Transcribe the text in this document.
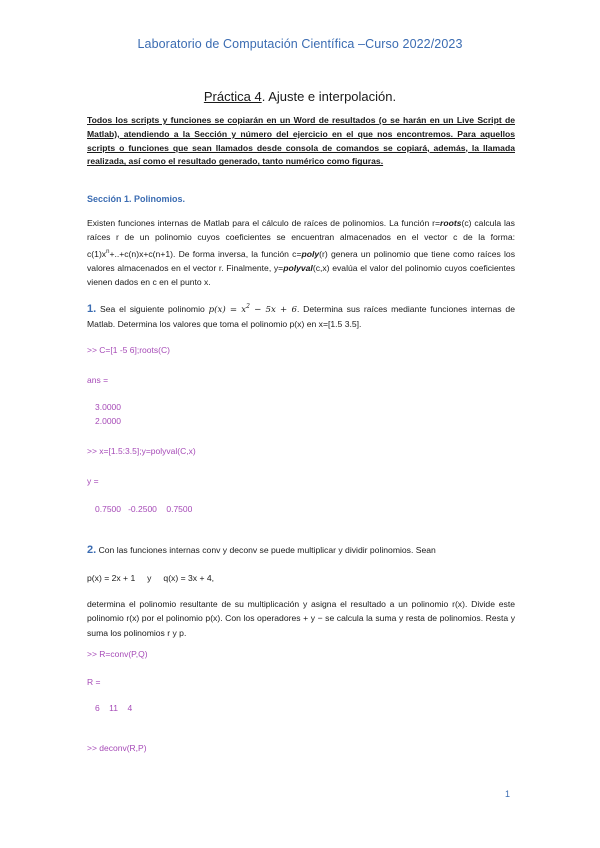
Laboratorio de Computación Científica –Curso 2022/2023
Práctica 4. Ajuste e interpolación.
Todos los scripts y funciones se copiarán en un Word de resultados (o se harán en un Live Script de Matlab), atendiendo a la Sección y número del ejercicio en el que nos encontremos. Para aquellos scripts o funciones que sean llamados desde consola de comandos se copiará, además, la llamada realizada, así como el resultado generado, tanto numérico como figuras.
Sección 1. Polinomios.
Existen funciones internas de Matlab para el cálculo de raíces de polinomios. La función r=roots(c) calcula las raíces r de un polinomio cuyos coeficientes se encuentran almacenados en el vector c de la forma: $c(1)x^n+..+c(n)x+c(n+1)$. De forma inversa, la función c=poly(r) genera un polinomio que tiene como raíces los valores almacenados en el vector r. Finalmente, y=polyval(c,x) evalúa el valor del polinomio cuyos coeficientes vienen dados en c en el punto x.
1. Sea el siguiente polinomio $p(x) = x^2 - 5x + 6$. Determina sus raíces mediante funciones internas de Matlab. Determina los valores que toma el polinomio p(x) en x=[1.5 3.5].
>> C=[1 -5 6];roots(C)
ans =
3.0000
2.0000
>> x=[1.5:3.5];y=polyval(C,x)
y =
0.7500   -0.2500    0.7500
2. Con las funciones internas conv y deconv se puede multiplicar y dividir polinomios. Sean
p(x) = 2x + 1     y     q(x) = 3x + 4,
determina el polinomio resultante de su multiplicación y asigna el resultado a un polinomio r(x). Divide este polinomio r(x) por el polinomio p(x). Con los operadores + y − se calcula la suma y resta de polinomios. Resta y suma los polinomios r y p.
>> R=conv(P,Q)
R =
6    11    4
>> deconv(R,P)
1
